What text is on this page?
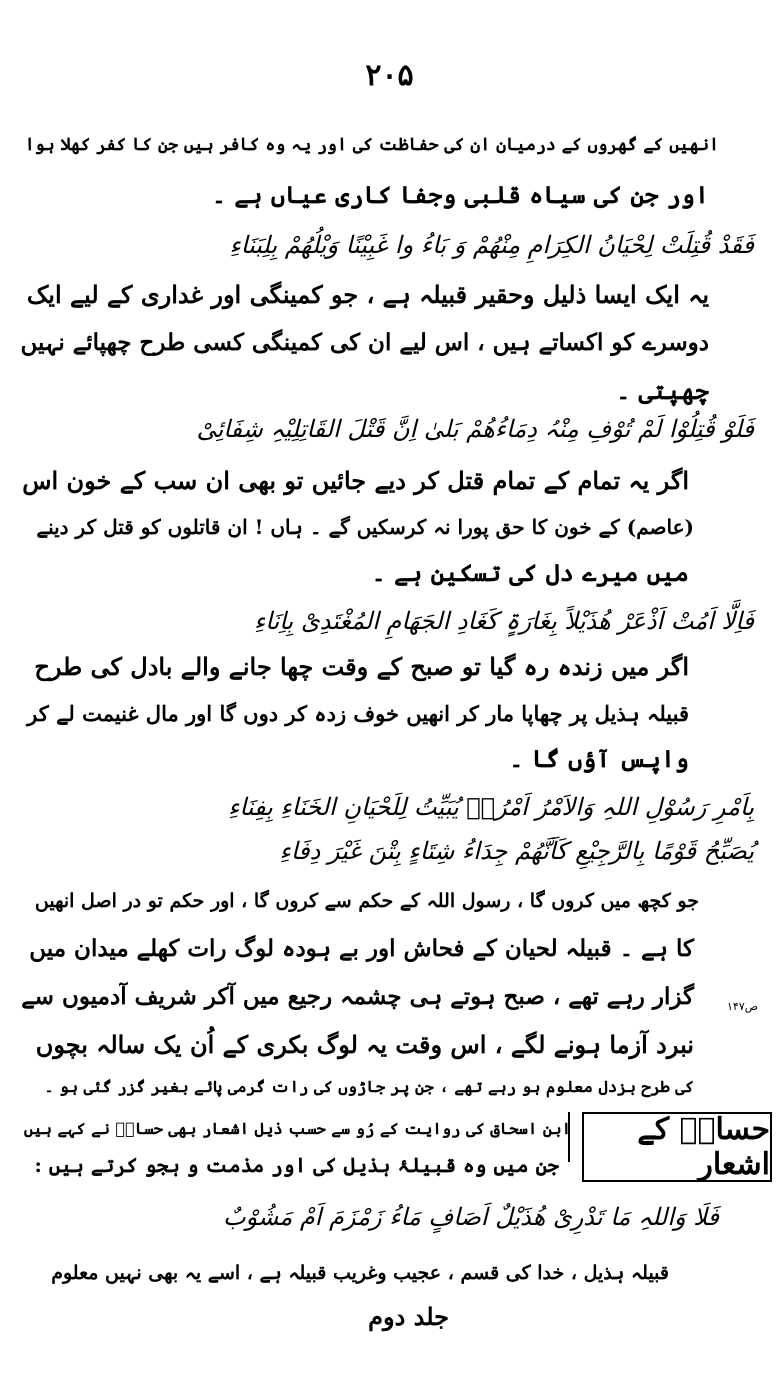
۲۰۵
انھیں کے گھروں کے درمیان ان کی حفاظت کی اور یہ وہ کافر ہیں جن کا کفر کھلا ہوا
اور جن کی سیاہ قلبی وجفا کاری عیاں ہے ۔
فَقَدْ قُتِلَتْ لِحْیَانُ الکِرَامِ مِنْھُمْ وَ بَاءُ وا غَبِیْنًا وَیْلُھُمْ بِلِبَنَاءِ
یہ ایک ایسا ذلیل وحقیر قبیلہ ہے ، جو کمینگی اور غداری کے لیے ایک
دوسرے کو اکساتے ہیں ، اس لیے ان کی کمینگی کسی طرح چھپائے نہیں
چھپتی ۔
فَلَوْ قُتِلُوْا لَمْ تُوْفِ مِنْہُ دِمَاءُھُمْ بَلیٰ اِنَّ قَتْلَ القَاتِلِیْہِ شِفَائِیْ
اگر یہ تمام کے تمام قتل کر دیے جائیں تو بھی ان سب کے خون اس
(عاصم) کے خون کا حق پورا نہ کرسکیں گے ۔ ہاں ! ان قاتلوں کو قتل کر دینے
میں میرے دل کی تسکین ہے ۔
فَاِلَّا اَمُتْ اَذْعَرْ ھُذَیْلاً بِغَارَۃٍ کَغَادِ الجَھَامِ المُغْتَدِیْ بِاِنَاءِ
اگر میں زندہ رہ گیا تو صبح کے وقت چھا جانے والے بادل کی طرح
قبیلہ ہذیل پر چھاپا مار کر انھیں خوف زدہ کر دوں گا اور مال غنیمت لے کر
واپس آؤں گا ۔
بِاَمْرِ رَسُوْلِ اللہِ وَالاَمْرُ اَمْرُہٗ یُبَیِّتُ لِلَحْیَانِ الخَنَاءِ بِفِنَاءِ
یُصَبِّحُ قَوْمًا بِالرَّجِیْعِ کَاَنَّھُمْ جِدَاءُ شِتَاءٍ بِتْنَ غَیْرَ دِفَاءِ
جو کچھ میں کروں گا ، رسول اللہ کے حکم سے کروں گا ، اور حکم تو در اصل انھیں
کا ہے ۔ قبیلہ لحیان کے فحاش اور بے ہودہ لوگ رات کھلے میدان میں
گزار رہے تھے ، صبح ہوتے ہی چشمہ رجیع میں آکر شریف آدمیوں سے
نبرد آزما ہونے لگے ، اس وقت یہ لوگ بکری کے اُن یک سالہ بچوں
کی طرح بزدل معلوم ہو رہے تھے ، جن پر جاڑوں کی رات گرمی پائے بغیر گزر گئی ہو ۔
ص۱۴۷
حسانؓ کے اشعار
ابن اسحاق کی روایت کے رُو سے حسب ذیل اشعار بھی حسانؓ نے کہے ہیں
جن میں وہ قبیلۂ ہذیل کی اور مذمت و ہجو کرتے ہیں :
فَلَا وَاللہِ مَا تَدْرِیْ ھُذَیْلٌ اَصَافٍ مَاءُ زَمْزَمَ اَمْ مَشُوْبٌ
قبیلہ ہذیل ، خدا کی قسم ، عجیب وغریب قبیلہ ہے ، اسے یہ بھی نہیں معلوم
جلد دوم
